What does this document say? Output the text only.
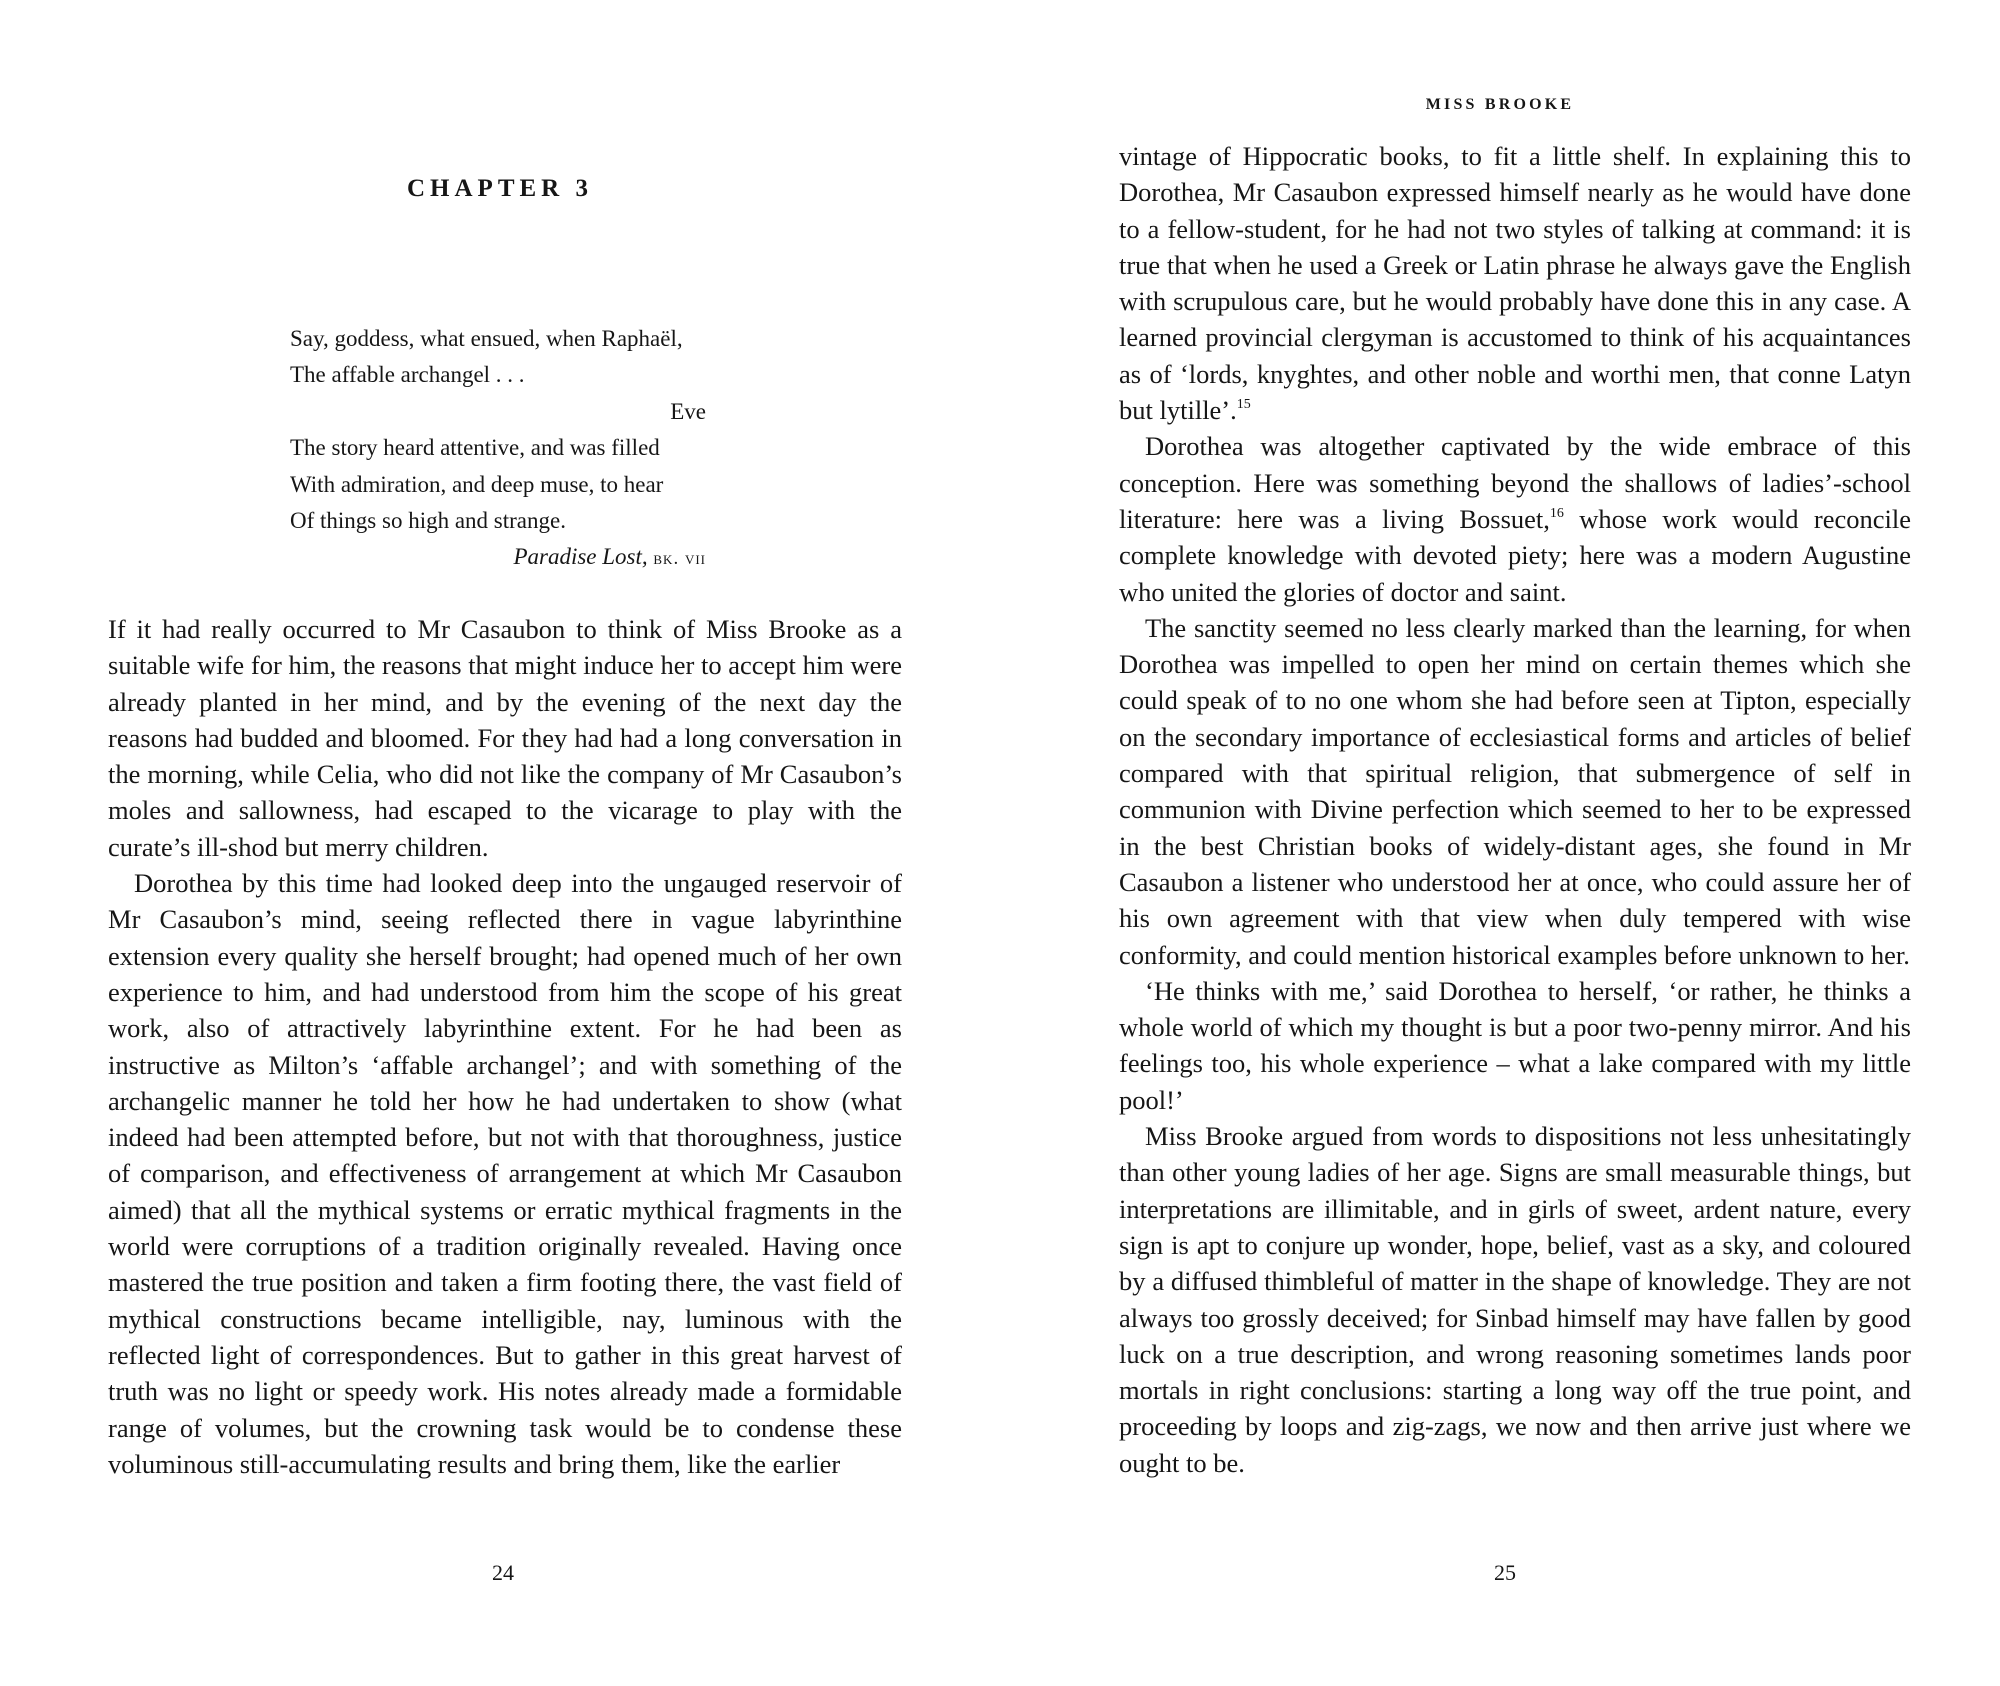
CHAPTER 3
Say, goddess, what ensued, when Raphaël,
The affable archangel . . .
Eve
The story heard attentive, and was filled
With admiration, and deep muse, to hear
Of things so high and strange.
Paradise Lost, bk. vii

If it had really occurred to Mr Casaubon to think of Miss Brooke as a suitable wife for him, the reasons that might induce her to accept him were already planted in her mind, and by the evening of the next day the reasons had budded and bloomed. For they had had a long conversation in the morning, while Celia, who did not like the company of Mr Casaubon’s moles and sallowness, had escaped to the vicarage to play with the curate’s ill-shod but merry children.

Dorothea by this time had looked deep into the ungauged reservoir of Mr Casaubon’s mind, seeing reflected there in vague labyrinthine extension every quality she herself brought; had opened much of her own experience to him, and had understood from him the scope of his great work, also of attractively labyrinthine extent. For he had been as instructive as Milton’s ‘affable archangel’; and with something of the archangelic manner he told her how he had undertaken to show (what indeed had been attempted before, but not with that thoroughness, justice of comparison, and effectiveness of arrangement at which Mr Casaubon aimed) that all the mythical systems or erratic mythical fragments in the world were corruptions of a tradition originally revealed. Having once mastered the true position and taken a firm footing there, the vast field of mythical constructions became intelligible, nay, luminous with the reflected light of correspondences. But to gather in this great harvest of truth was no light or speedy work. His notes already made a formidable range of volumes, but the crowning task would be to condense these voluminous still-accumulating results and bring them, like the earlier

24
MISS BROOKE

vintage of Hippocratic books, to fit a little shelf. In explaining this to Dorothea, Mr Casaubon expressed himself nearly as he would have done to a fellow-student, for he had not two styles of talking at command: it is true that when he used a Greek or Latin phrase he always gave the English with scrupulous care, but he would probably have done this in any case. A learned provincial clergyman is accustomed to think of his acquaintances as of ‘lords, knyghtes, and other noble and worthi men, that conne Latyn but lytille’.$^{15}$

Dorothea was altogether captivated by the wide embrace of this conception. Here was something beyond the shallows of ladies’-school literature: here was a living Bossuet,$^{16}$ whose work would reconcile complete knowledge with devoted piety; here was a modern Augustine who united the glories of doctor and saint.

The sanctity seemed no less clearly marked than the learning, for when Dorothea was impelled to open her mind on certain themes which she could speak of to no one whom she had before seen at Tipton, especially on the secondary importance of ecclesiastical forms and articles of belief compared with that spiritual religion, that submergence of self in communion with Divine perfection which seemed to her to be expressed in the best Christian books of widely-distant ages, she found in Mr Casaubon a listener who understood her at once, who could assure her of his own agreement with that view when duly tempered with wise conformity, and could mention historical examples before unknown to her.

‘He thinks with me,’ said Dorothea to herself, ‘or rather, he thinks a whole world of which my thought is but a poor two-penny mirror. And his feelings too, his whole experience – what a lake compared with my little pool!’

Miss Brooke argued from words to dispositions not less unhesitatingly than other young ladies of her age. Signs are small measurable things, but interpretations are illimitable, and in girls of sweet, ardent nature, every sign is apt to conjure up wonder, hope, belief, vast as a sky, and coloured by a diffused thimbleful of matter in the shape of knowledge. They are not always too grossly deceived; for Sinbad himself may have fallen by good luck on a true description, and wrong reasoning sometimes lands poor mortals in right conclusions: starting a long way off the true point, and proceeding by loops and zig-zags, we now and then arrive just where we ought to be.

25
